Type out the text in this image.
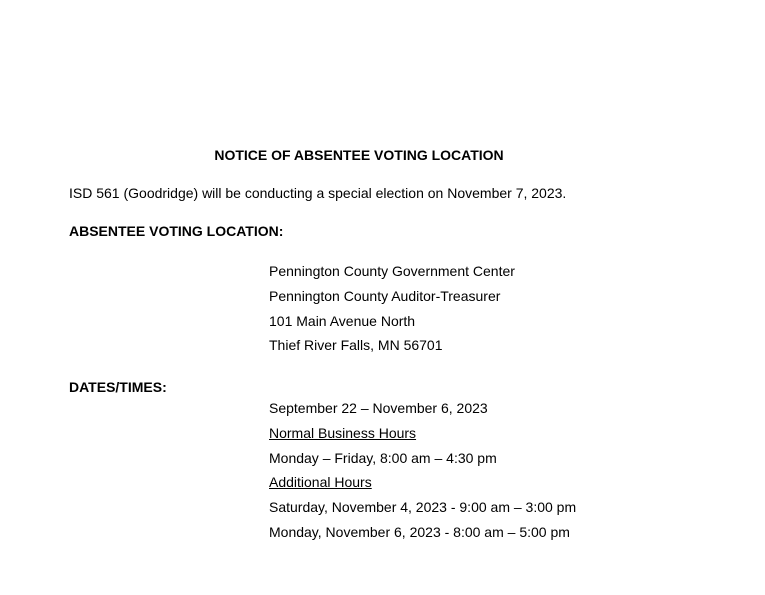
NOTICE OF ABSENTEE VOTING LOCATION
ISD 561 (Goodridge) will be conducting a special election on November 7, 2023.
ABSENTEE VOTING LOCATION:
Pennington County Government Center
Pennington County Auditor-Treasurer
101 Main Avenue North
Thief River Falls, MN 56701
DATES/TIMES:
September 22 – November 6, 2023
Normal Business Hours
Monday – Friday, 8:00 am – 4:30 pm
Additional Hours
Saturday, November 4, 2023 - 9:00 am – 3:00 pm
Monday, November 6, 2023 - 8:00 am – 5:00 pm
